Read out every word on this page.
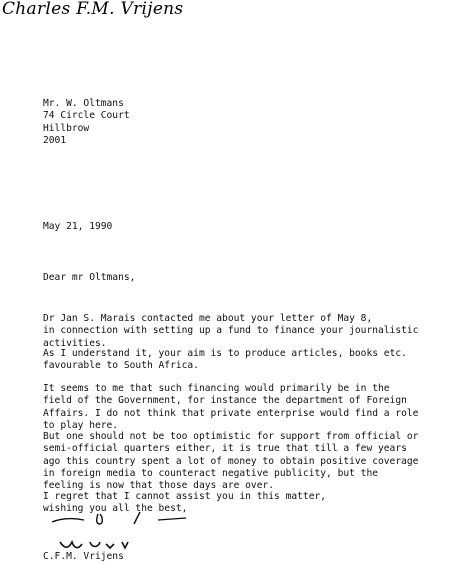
Charles F.M. Vrijens
Mr. W. Oltmans
74 Circle Court
Hillbrow
2001
May 21, 1990
Dear mr Oltmans,
Dr Jan S. Marais contacted me about your letter of May 8,
in connection with setting up a fund to finance your journalistic
activities.
As I understand it, your aim is to produce articles, books etc.
favourable to South Africa.
It seems to me that such financing would primarily be in the
field of the Government, for instance the department of Foreign
Affairs. I do not think that private enterprise would find a role
to play here.
But one should not be too optimistic for support from official or
semi-official quarters either, it is true that till a few years
ago this country spent a lot of money to obtain positive coverage
in foreign media to counteract negative publicity, but the
feeling is now that those days are over.
I regret that I cannot assist you in this matter,
wishing you all the best,
C.F.M. Vrijens
